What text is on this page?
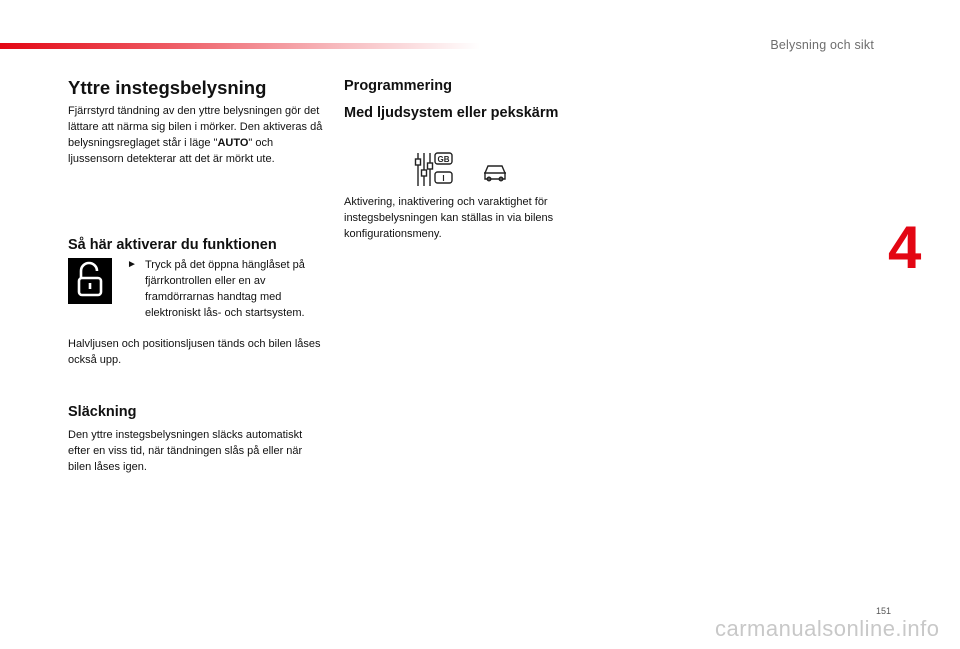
Belysning och sikt
4
Yttre instegsbelysning

Fjärrstyrd tändning av den yttre belysningen gör det lättare att närma sig bilen i mörker. Den aktiveras då belysningsreglaget står i läge "AUTO" och ljussensorn detekterar att det är mörkt ute.

Så här aktiverar du funktionen
► Tryck på det öppna hänglåset på fjärrkontrollen eller en av framdörrarnas handtag med elektroniskt lås- och startsystem.

Halvljusen och positionsljusen tänds och bilen låses också upp.

Släckning

Den yttre instegsbelysningen släcks automatiskt efter en viss tid, när tändningen slås på eller när bilen låses igen.

Programmering
Med ljudsystem eller pekskärm
GB
I

Aktivering, inaktivering och varaktighet för instegsbelysningen kan ställas in via bilens konfigurationsmeny.

151
carmanualsonline.info
